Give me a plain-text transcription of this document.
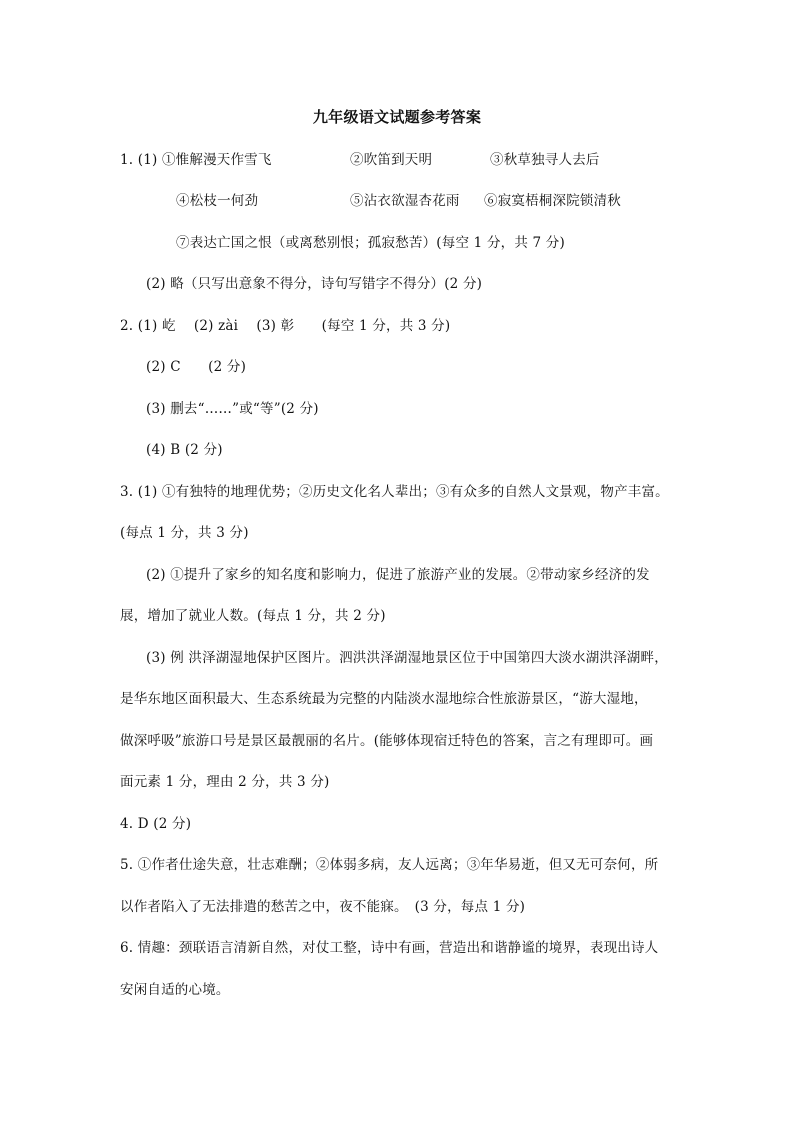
九年级语文试题参考答案
1. (1) ①惟解漫天作雪飞	②吹笛到天明	③秋草独寻人去后
④松枝一何劲	⑤沾衣欲湿杏花雨 ⑥寂寞梧桐深院锁清秋
⑦表达亡国之恨（或离愁别恨；孤寂愁苦）(每空 1 分，共 7 分)
(2) 略（只写出意象不得分，诗句写错字不得分）(2 分)
2. (1) 屹　 (2) zài　 (3) 彰　　(每空 1 分，共 3 分)
(2) C　　(2 分)
(3) 删去“……”或“等”(2 分)
(4) B (2 分)
3. (1) ①有独特的地理优势；②历史文化名人辈出；③有众多的自然人文景观，物产丰富。
(每点 1 分，共 3 分)
(2) ①提升了家乡的知名度和影响力，促进了旅游产业的发展。②带动家乡经济的发
展，增加了就业人数。(每点 1 分，共 2 分)
(3) 例 洪泽湖湿地保护区图片。泗洪洪泽湖湿地景区位于中国第四大淡水湖洪泽湖畔，
是华东地区面积最大、生态系统最为完整的内陆淡水湿地综合性旅游景区，“游大湿地，
做深呼吸”旅游口号是景区最靓丽的名片。(能够体现宿迁特色的答案，言之有理即可。画
面元素 1 分，理由 2 分，共 3 分)
4. D (2 分)
5. ①作者仕途失意，壮志难酬；②体弱多病，友人远离；③年华易逝，但又无可奈何，所
以作者陷入了无法排遣的愁苦之中，夜不能寐。　(3 分，每点 1 分)
6. 情趣：颈联语言清新自然，对仗工整，诗中有画，营造出和谐静谧的境界，表现出诗人
安闲自适的心境。
